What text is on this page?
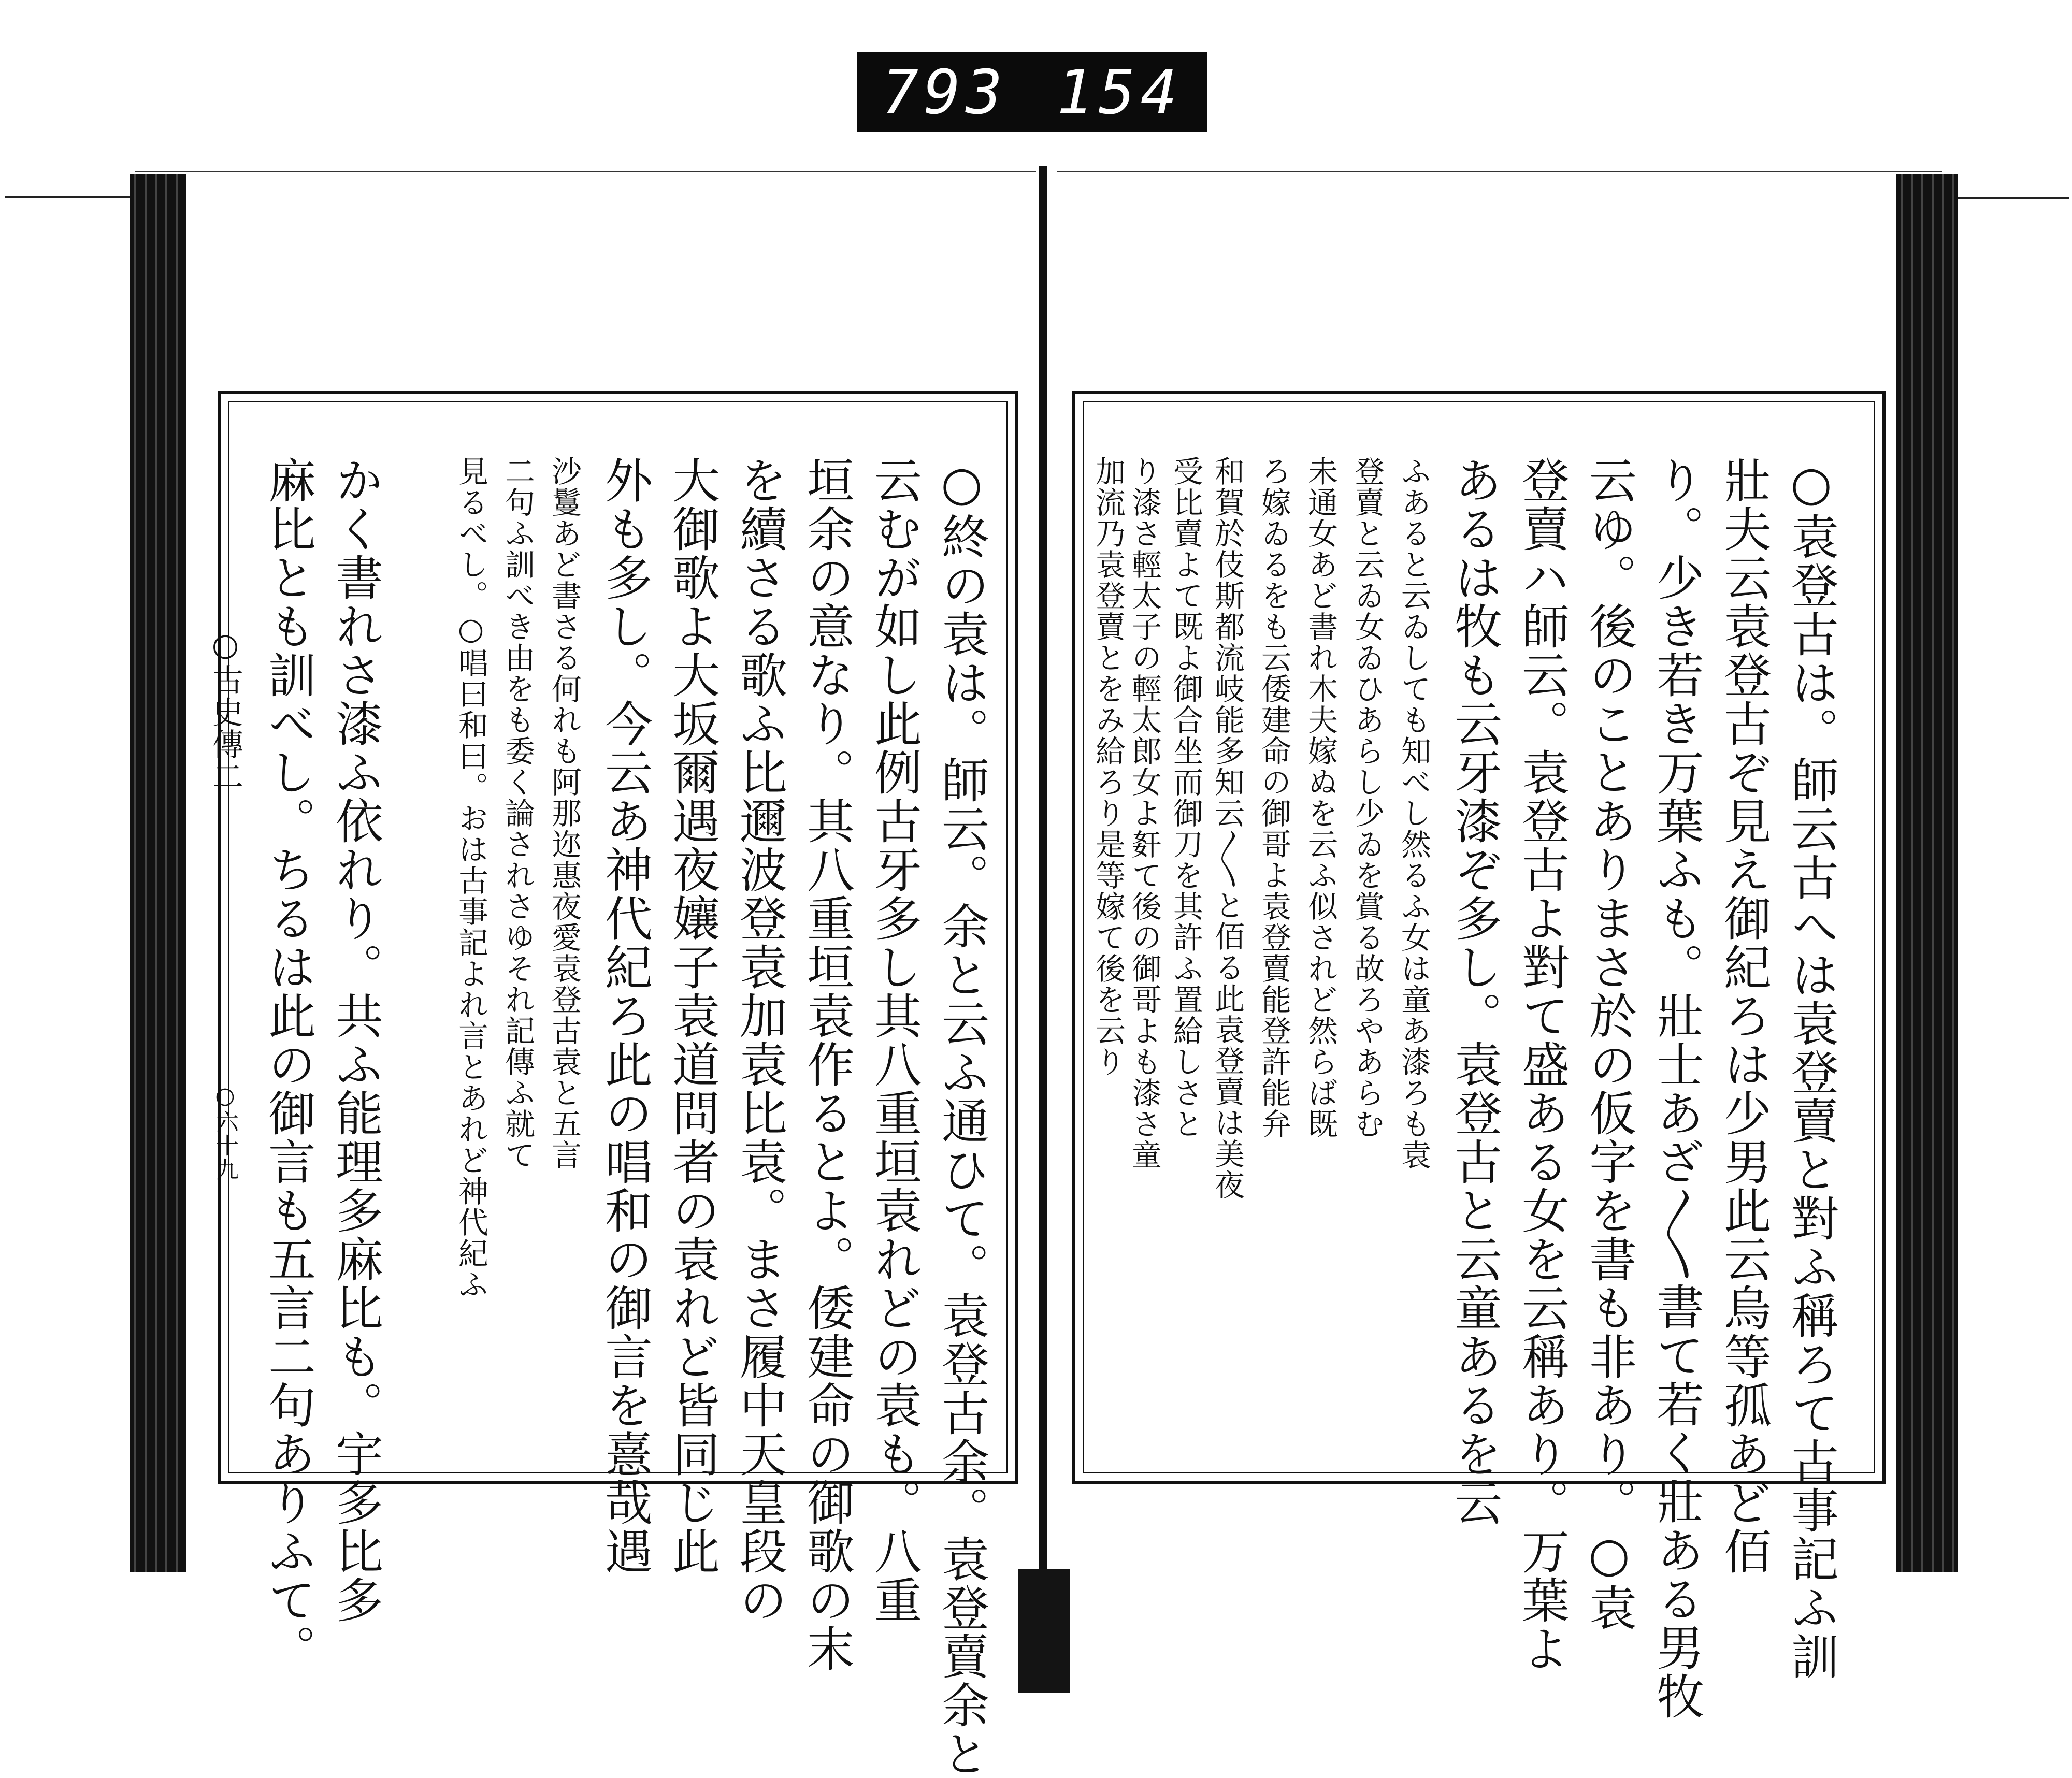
793 154
○古史傳二
○六十九	○終の袁は。師云。余と云ふ通ひて。袁登古余。袁登賣余と
云むが如し此例古牙多し其八重垣袁れどの袁も。八重
垣余の意なり。其八重垣袁作るとよ。倭建命の御歌の末
を續さる歌ふ比邇波登袁加袁比袁。まさ履中天皇段の
大御歌よ大坂爾遇夜孃子袁道問者の袁れど皆同じ此
外も多し。今云あ神代紀ろ此の唱和の御言を憙哉遇
沙鬘あど書さる何れも阿那迩惠夜愛袁登古袁と五言
二句ふ訓べき由をも委く論されさゆそれ記傳ふ就て
見るべし。○唱曰和曰。おは古事記よれ言とあれど神代紀ふ
かく書れさ漆ふ依れり。共ふ能理多麻比も。宇多比多
麻比とも訓べし。ちるは此の御言も五言二句ありふて。	○袁登古は。師云古へは袁登賣と對ふ稱ろて古事記ふ訓
壯夫云袁登古ぞ見え御紀ろは少男此云烏等孤あど佰
り。少き若き万葉ふも。壯士あざ〳〵書て若く壯ある男牧
云ゆ。後のことありまさ於の仮字を書も非あり。○袁
登賣ハ師云。袁登古よ對て盛ある女を云稱あり。万葉よ
あるは牧も云牙漆ぞ多し。袁登古と云童あるを云
ふあると云ゐしても知べし然るふ女は童あ漆ろも袁
登賣と云ゐ女ゐひあらし少ゐを賞る故ろやあらむ
未通女あど書れ木夫嫁ぬを云ふ似されど然らば既
ろ嫁ゐるをも云倭建命の御哥よ袁登賣能登許能弁
和賀於伎斯都流岐能多知云〳〵と佰る此袁登賣は美夜
受比賣よて既よ御合坐而御刀を其許ふ置給しさと
り漆さ輕太子の輕太郎女よ姧て後の御哥よも漆さ童
加流乃袁登賣とをみ給ろり是等嫁て後を云り
